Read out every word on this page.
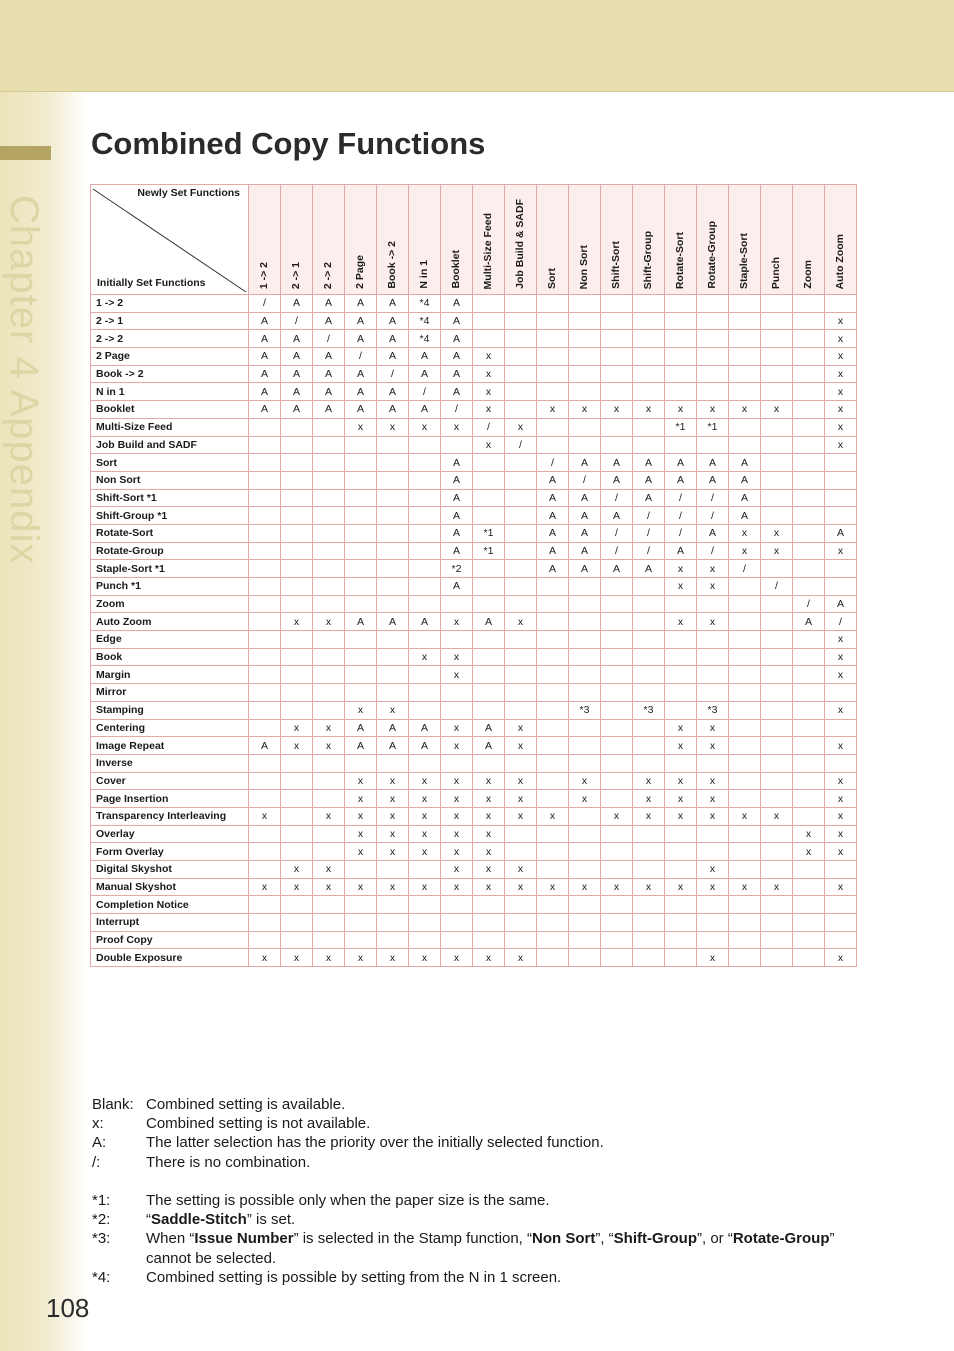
Chapter 4 Appendix
Combined Copy Functions
Newly Set Functions
Initially Set Functions	1 -> 2	2 -> 1	2 -> 2	2 Page	Book -> 2	N in 1	Booklet	Multi-Size Feed	Job Build & SADF	Sort	Non Sort	Shift-Sort	Shift-Group	Rotate-Sort	Rotate-Group	Staple-Sort	Punch	Zoom	Auto Zoom

1 -> 2	/	A	A	A	A	*4	A												
2 -> 1	A	/	A	A	A	*4	A												x
2 -> 2	A	A	/	A	A	*4	A												x
2 Page	A	A	A	/	A	A	A	x											x
Book -> 2	A	A	A	A	/	A	A	x											x
N in 1	A	A	A	A	A	/	A	x											x
Booklet	A	A	A	A	A	A	/	x		x	x	x	x	x	x	x	x		x
Multi-Size Feed				x	x	x	x	/	x					*1	*1				x
Job Build and SADF								x	/										x
Sort							A			/	A	A	A	A	A	A			
Non Sort							A			A	/	A	A	A	A	A			
Shift-Sort *1							A			A	A	/	A	/	/	A			
Shift-Group *1							A			A	A	A	/	/	/	A			
Rotate-Sort							A	*1		A	A	/	/	/	A	x	x		A
Rotate-Group							A	*1		A	A	/	/	A	/	x	x		x
Staple-Sort *1							*2			A	A	A	A	x	x	/			
Punch *1							A							x	x		/		
Zoom																		/	A
Auto Zoom		x	x	A	A	A	x	A	x					x	x			A	/
Edge																			x
Book						x	x												x
Margin							x												x
Mirror																			
Stamping				x	x						*3		*3		*3				x
Centering		x	x	A	A	A	x	A	x					x	x				
Image Repeat	A	x	x	A	A	A	x	A	x					x	x				x
Inverse																			
Cover				x	x	x	x	x	x		x		x	x	x				x
Page Insertion				x	x	x	x	x	x		x		x	x	x				x
Transparency Interleaving	x		x	x	x	x	x	x	x	x		x	x	x	x	x	x		x
Overlay				x	x	x	x	x										x	x
Form Overlay				x	x	x	x	x										x	x
Digital Skyshot		x	x				x	x	x						x				
Manual Skyshot	x	x	x	x	x	x	x	x	x	x	x	x	x	x	x	x	x		x
Completion Notice																			
Interrupt																			
Proof Copy																			
Double Exposure	x	x	x	x	x	x	x	x	x						x				x
Blank: Combined setting is available.
x:	Combined setting is not available.
A:	The latter selection has the priority over the initially selected function.
/:	There is no combination.
*1: The setting is possible only when the paper size is the same.
*2: “Saddle-Stitch” is set.
*3: When “Issue Number” is selected in the Stamp function, “Non Sort”, “Shift-Group”, or “Rotate-Group”
cannot be selected.
*4: Combined setting is possible by setting from the N in 1 screen.
108
